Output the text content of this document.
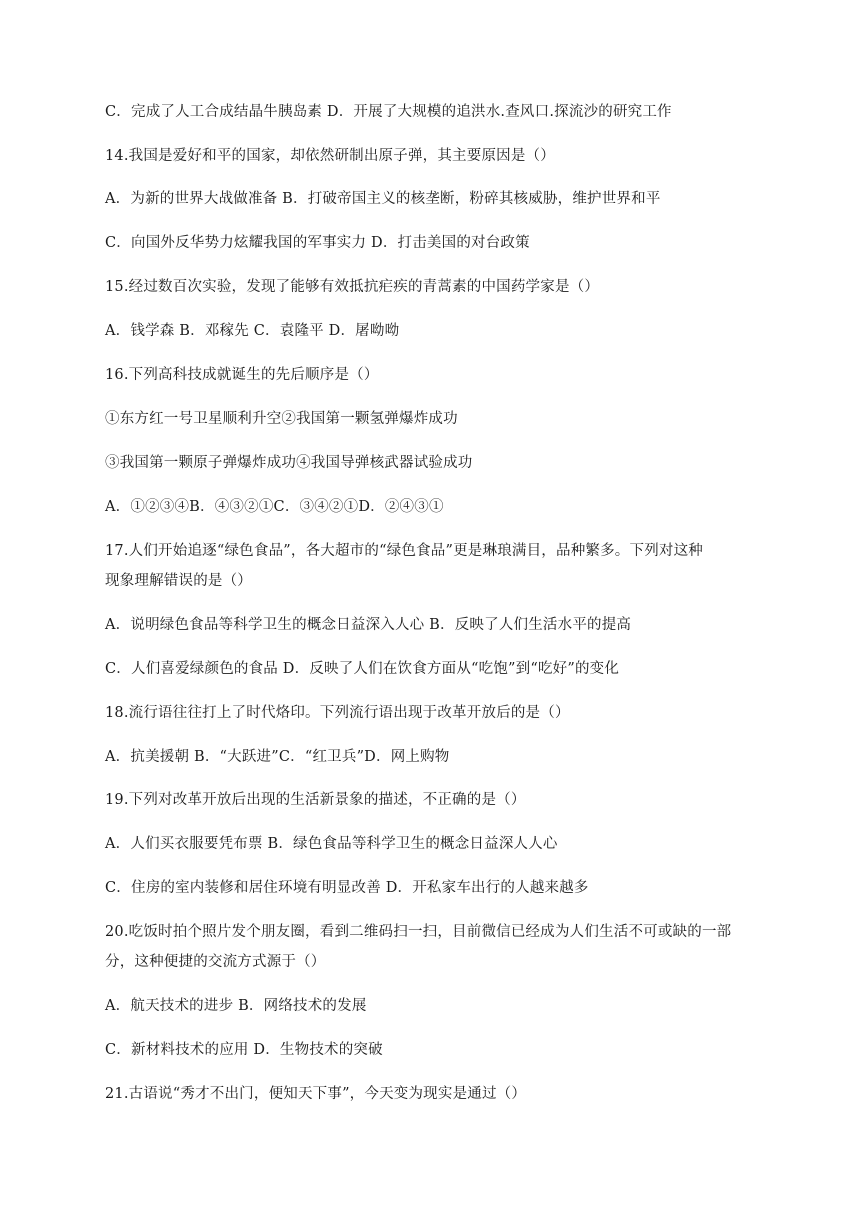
C．完成了人工合成结晶牛胰岛素 D．开展了大规模的追洪水.查风口.探流沙的研究工作
14.我国是爱好和平的国家，却依然研制出原子弹，其主要原因是（）
A．为新的世界大战做准备 B．打破帝国主义的核垄断，粉碎其核威胁，维护世界和平
C．向国外反华势力炫耀我国的军事实力 D．打击美国的对台政策
15.经过数百次实验，发现了能够有效抵抗疟疾的青蒿素的中国药学家是（）
A．钱学森 B．邓稼先 C．袁隆平 D．屠呦呦
16.下列高科技成就诞生的先后顺序是（）
①东方红一号卫星顺利升空②我国第一颗氢弹爆炸成功
③我国第一颗原子弹爆炸成功④我国导弹核武器试验成功
A．①②③④B．④③②①C．③④②①D．②④③①
17.人们开始追逐“绿色食品”，各大超市的“绿色食品”更是琳琅满目，品种繁多。下列对这种
现象理解错误的是（）
A．说明绿色食品等科学卫生的概念日益深入人心 B．反映了人们生活水平的提高
C．人们喜爱绿颜色的食品 D．反映了人们在饮食方面从“吃饱”到“吃好”的变化
18.流行语往往打上了时代烙印。下列流行语出现于改革开放后的是（）
A．抗美援朝 B．“大跃进”C．“红卫兵”D．网上购物
19.下列对改革开放后出现的生活新景象的描述，不正确的是（）
A．人们买衣服要凭布票 B．绿色食品等科学卫生的概念日益深人人心
C．住房的室内装修和居住环境有明显改善 D．开私家车出行的人越来越多
20.吃饭时拍个照片发个朋友圈，看到二维码扫一扫，目前微信已经成为人们生活不可或缺的一部
分，这种便捷的交流方式源于（）
A．航天技术的进步 B．网络技术的发展
C．新材料技术的应用 D．生物技术的突破
21.古语说“秀才不出门，便知天下事”，今天变为现实是通过（）
